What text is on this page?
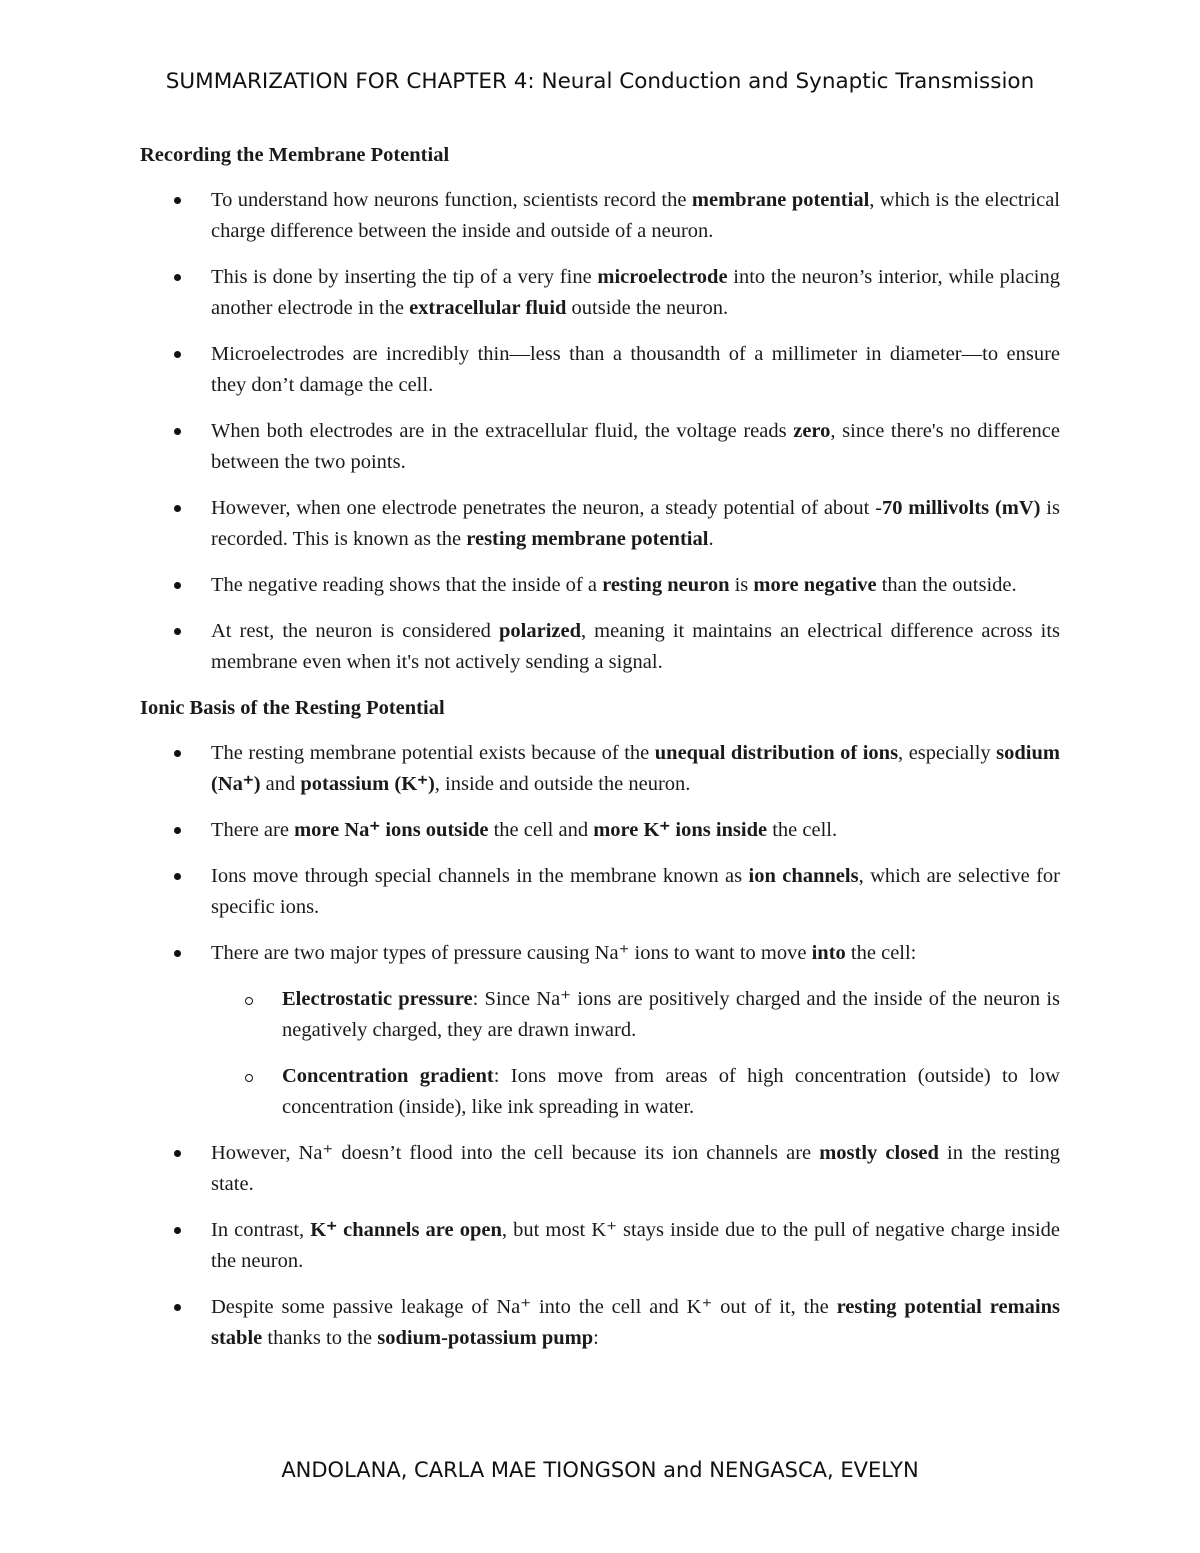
SUMMARIZATION FOR CHAPTER 4: Neural Conduction and Synaptic Transmission

Recording the Membrane Potential

To understand how neurons function, scientists record the membrane potential, which is the electrical charge difference between the inside and outside of a neuron.
This is done by inserting the tip of a very fine microelectrode into the neuron’s interior, while placing another electrode in the extracellular fluid outside the neuron.
Microelectrodes are incredibly thin—less than a thousandth of a millimeter in diameter—to ensure they don’t damage the cell.
When both electrodes are in the extracellular fluid, the voltage reads zero, since there's no difference between the two points.
However, when one electrode penetrates the neuron, a steady potential of about -70 millivolts (mV) is recorded. This is known as the resting membrane potential.
The negative reading shows that the inside of a resting neuron is more negative than the outside.
At rest, the neuron is considered polarized, meaning it maintains an electrical difference across its membrane even when it's not actively sending a signal.

Ionic Basis of the Resting Potential

The resting membrane potential exists because of the unequal distribution of ions, especially sodium (Na⁺) and potassium (K⁺), inside and outside the neuron.
There are more Na⁺ ions outside the cell and more K⁺ ions inside the cell.
Ions move through special channels in the membrane known as ion channels, which are selective for specific ions.
There are two major types of pressure causing Na⁺ ions to want to move into the cell:
Electrostatic pressure: Since Na⁺ ions are positively charged and the inside of the neuron is negatively charged, they are drawn inward.
Concentration gradient: Ions move from areas of high concentration (outside) to low concentration (inside), like ink spreading in water.
However, Na⁺ doesn’t flood into the cell because its ion channels are mostly closed in the resting state.
In contrast, K⁺ channels are open, but most K⁺ stays inside due to the pull of negative charge inside the neuron.
Despite some passive leakage of Na⁺ into the cell and K⁺ out of it, the resting potential remains stable thanks to the sodium-potassium pump:
ANDOLANA, CARLA MAE TIONGSON and NENGASCA, EVELYN
